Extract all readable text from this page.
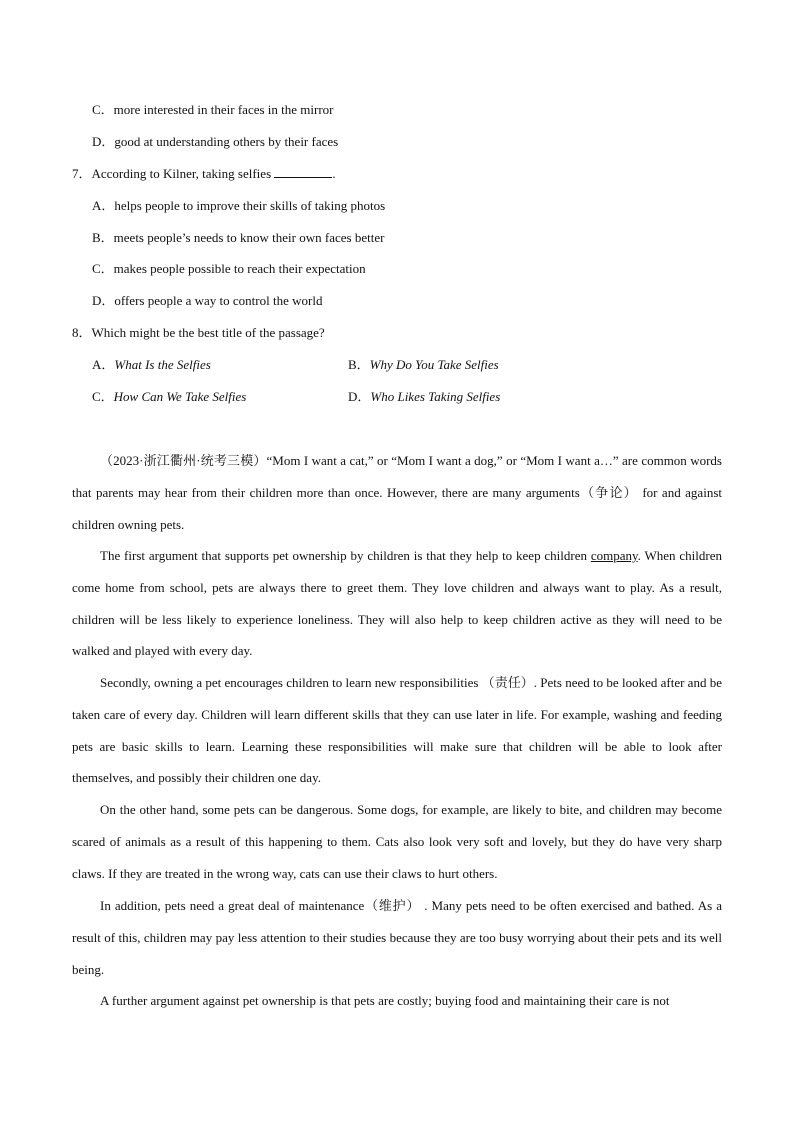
C．more interested in their faces in the mirror
D．good at understanding others by their faces
7．According to Kilner, taking selfies	.
A．helps people to improve their skills of taking photos
B．meets people’s needs to know their own faces better
C．makes people possible to reach their expectation
D．offers people a way to control the world
8．Which might be the best title of the passage?
A．What Is the Selfies	B．Why Do You Take Selfies
C．How Can We Take Selfies	D．Who Likes Taking Selfies
（2023·浙江衢州·统考三模）“Mom I want a cat,” or “Mom I want a dog,” or “Mom I want a…” are common words that parents may hear from their children more than once. However, there are many arguments（争论） for and against children owning pets.
The first argument that supports pet ownership by children is that they help to keep children company. When children come home from school, pets are always there to greet them. They love children and always want to play. As a result, children will be less likely to experience loneliness. They will also help to keep children active as they will need to be walked and played with every day.
Secondly, owning a pet encourages children to learn new responsibilities （责任）. Pets need to be looked after and be taken care of every day. Children will learn different skills that they can use later in life. For example, washing and feeding pets are basic skills to learn. Learning these responsibilities will make sure that children will be able to look after themselves, and possibly their children one day.
On the other hand, some pets can be dangerous. Some dogs, for example, are likely to bite, and children may become scared of animals as a result of this happening to them. Cats also look very soft and lovely, but they do have very sharp claws. If they are treated in the wrong way, cats can use their claws to hurt others.
In addition, pets need a great deal of maintenance（维护） . Many pets need to be often exercised and bathed. As a result of this, children may pay less attention to their studies because they are too busy worrying about their pets and its well being.
A further argument against pet ownership is that pets are costly; buying food and maintaining their care is not
